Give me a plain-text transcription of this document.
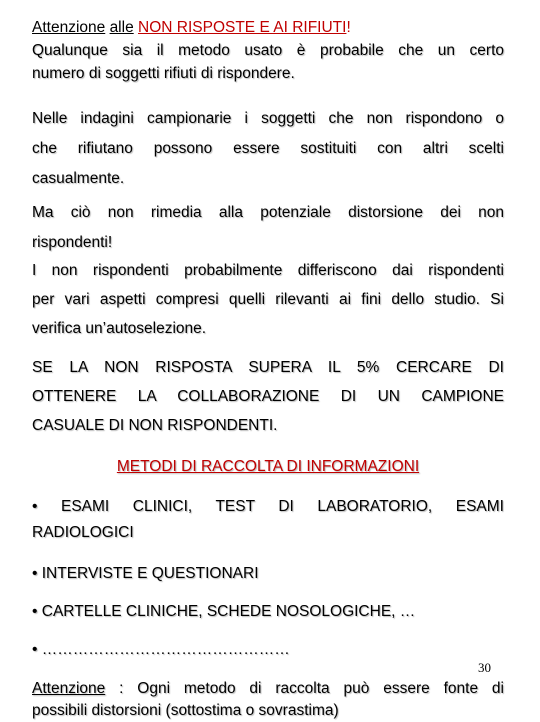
Attenzione alle NON RISPOSTE E AI RIFIUTI!
Qualunque sia il metodo usato è probabile che un certo
numero di soggetti rifiuti di rispondere.
Nelle indagini campionarie i soggetti che non rispondono o
che rifiutano possono essere sostituiti con altri scelti
casualmente.
Ma ciò non rimedia alla potenziale distorsione dei non
rispondenti!
I non rispondenti probabilmente differiscono dai rispondenti
per vari aspetti compresi quelli rilevanti ai fini dello studio. Si
verifica un’autoselezione.
SE LA NON RISPOSTA SUPERA IL 5% CERCARE DI
OTTENERE LA COLLABORAZIONE DI UN CAMPIONE
CASUALE DI NON RISPONDENTI.
METODI DI RACCOLTA DI INFORMAZIONI
• ESAMI CLINICI, TEST DI LABORATORIO, ESAMI
RADIOLOGICI
• INTERVISTE E QUESTIONARI
• CARTELLE CLINICHE, SCHEDE NOSOLOGICHE, …
• …………………………………………
30
Attenzione : Ogni metodo di raccolta può essere fonte di
possibili distorsioni (sottostima o sovrastima)
